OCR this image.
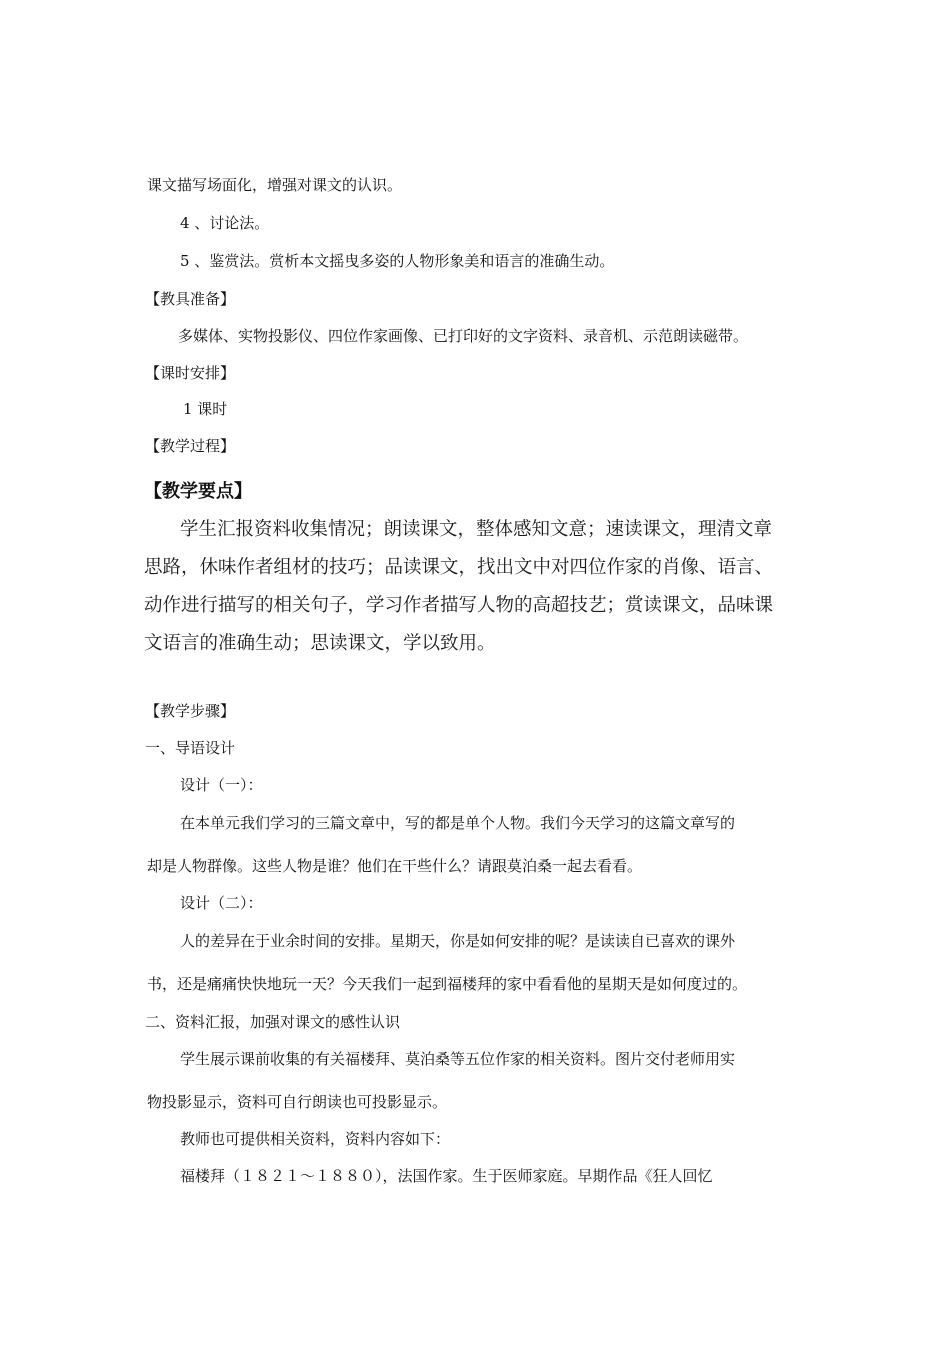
课文描写场面化，增强对课文的认识。

4 、讨论法。

5 、鉴赏法。赏析本文摇曳多姿的人物形象美和语言的准确生动。

【教具准备】

多媒体、实物投影仪、四位作家画像、已打印好的文字资料、录音机、示范朗读磁带。

【课时安排】

1 课时

【教学过程】

【教学要点】

学生汇报资料收集情况；朗读课文，整体感知文意；速读课文，理清文章

思路，休味作者组材的技巧；品读课文，找出文中对四位作家的肖像、语言、

动作进行描写的相关句子，学习作者描写人物的高超技艺；赏读课文，品味课

文语言的准确生动；思读课文，学以致用。

【教学步骤】

一、导语设计

设计（一）：

在本单元我们学习的三篇文章中，写的都是单个人物。我们今天学习的这篇文章写的

却是人物群像。这些人物是谁？他们在干些什么？请跟莫泊桑一起去看看。

设计（二）：

人的差异在于业余时间的安排。星期天，你是如何安排的呢？是读读自已喜欢的课外

书，还是痛痛快快地玩一天？今天我们一起到福楼拜的家中看看他的星期天是如何度过的。

二、资料汇报，加强对课文的感性认识

学生展示课前收集的有关福楼拜、莫泊桑等五位作家的相关资料。图片交付老师用实

物投影显示，资料可自行朗读也可投影显示。

教师也可提供相关资料，资料内容如下：

福楼拜（１８２１～１８８０），法国作家。生于医师家庭。早期作品《狂人回忆
